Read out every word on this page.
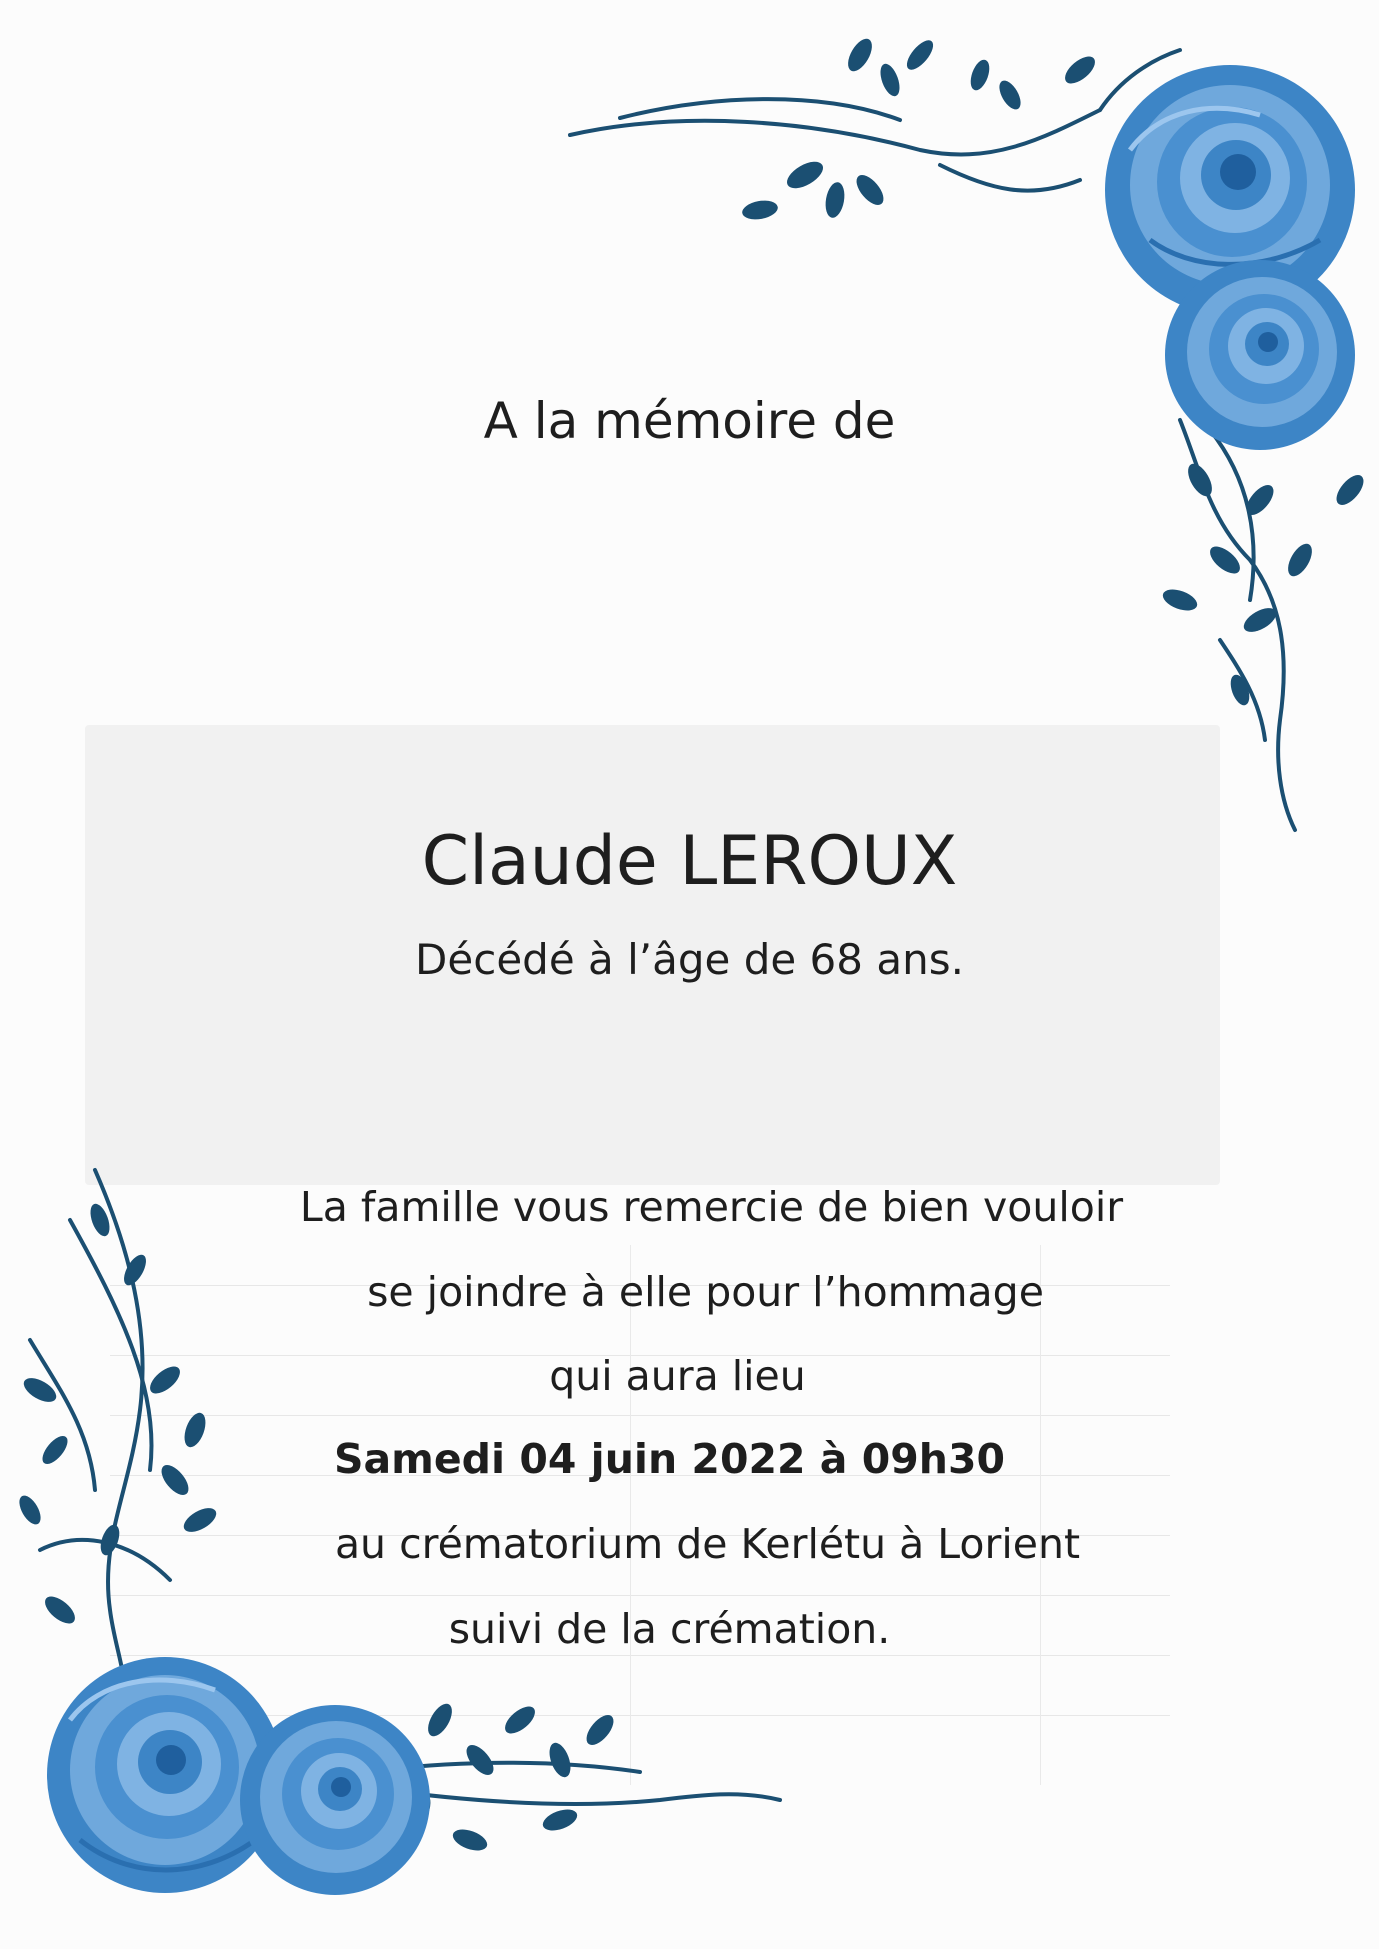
A la mémoire de
Claude LEROUX
Décédé à l’âge de 68 ans.
La famille vous remercie de bien vouloir
se joindre à elle pour l’hommage
qui aura lieu
Samedi 04 juin 2022 à 09h30
au crématorium de Kerlétu à Lorient
suivi de la crémation.
